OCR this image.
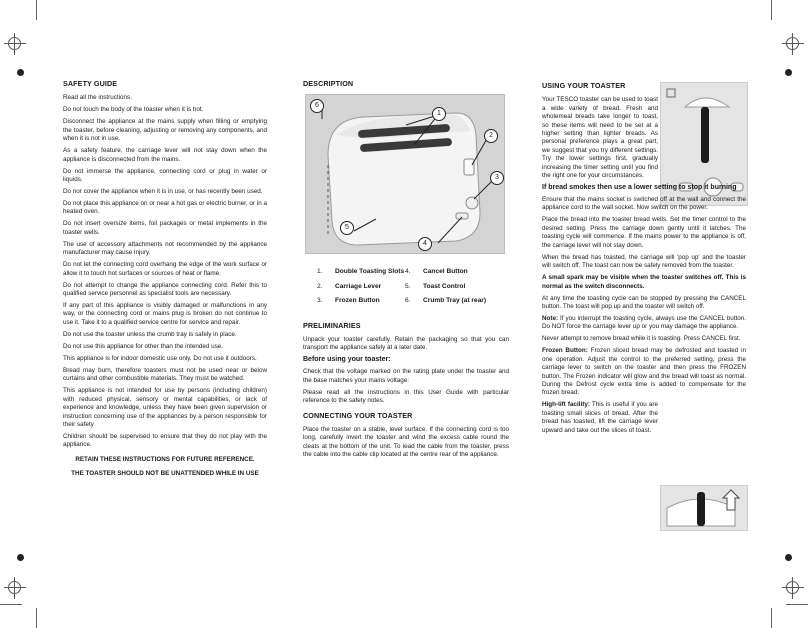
SAFETY GUIDE

Read all the instructions.

Do not touch the body of the toaster when it is hot.

Disconnect the appliance at the mains supply when filling or emptying the toaster, before cleaning, adjusting or removing any components, and when it is not in use.

As a safety feature, the carriage lever will not stay down when the appliance is disconnected from the mains.

Do not immerse the appliance, connecting cord or plug in water or liquids.

Do nor cover the appliance when it is in use, or has recently been used.

Do not place this appliance on or near a hot gas or electric burner, or in a heated oven.

Do not insert oversize items, foil packages or metal implements in the toaster wells.

The use of accessory attachments not recommended by the appliance manufacturer may cause injury.

Do not let the connecting cord overhang the edge of the work surface or allow it to touch hot surfaces or sources of heat or flame.

Do not attempt to change the appliance connecting cord. Refer this to qualified service personnel as specialist tools are necessary.

If any part of this appliance is visibly damaged or malfunctions in any way, or the connecting cord or mains plug is broken do not continue to use it. Take it to a qualified service centre for service and repair.

Do not use the toaster unless the crumb tray is safely in place.

Do not use this appliance for other than the intended use.

This appliance is for indoor domestic use only. Do not use it outdoors.

Bread may burn, therefore toasters must not be used near or below curtains and other combustible materials. They must be watched.

This appliance is not intended for use by persons (including children) with reduced physical, sensory or mental capabilities, or lack of experience and knowledge, unless they have been given supervision or instruction concerning use of the appliances by a person responsible for their safety

Children should be supervised to ensure that they do not play with the appliance.

RETAIN THESE INSTRUCTIONS FOR FUTURE REFERENCE.

THE TOASTER SHOULD NOT BE UNATTENDED WHILE IN USE

DESCRIPTION
1
2
3
4
5
6
1.	Double Toasting Slots 4.	Cancel Button
2.	Carriage Lever	5.	Toast Control
3.	Frozen Button	6.	Crumb Tray (at rear)
PRELIMINARIES

Unpack your toaster carefully. Retain the packaging so that you can transport the appliance safely at a later date.

Before using your toaster:

Check that the voltage marked on the rating plate under the toaster and the base matches your mains voltage:

Please read all the instructions in this User Guide with particular reference to the safety notes.

CONNECTING YOUR TOASTER

Place the toaster on a stable, level surface. If the connecting cord is too long, carefully invert the toaster and wind the excess cable round the cleats at the bottom of the unit. To lead the cable from the toaster, press the cable into the cable clip located at the centre rear of the appliance.

USING YOUR TOASTER

Your TESCO toaster can be used to toast a wide variety of bread. Fresh and wholemeal breads take longer to toast, so these items will need to be set at a higher setting than lighter breads. As personal preference plays a great part, we suggest that you try different settings. Try the lower settings first, gradually increasing the timer setting until you find the right one for your circumstances.

If bread smokes then use a lower setting to stop it burning

Ensure that the mains socket is switched off at the wall and connect the appliance cord to the wall socket. Now switch on the power.

Place the bread into the toaster bread wells. Set the timer control to the desired setting. Press the carriage down gently until it latches. The toasting cycle will commence. If the mains power to the appliance is off, the carriage lever will not stay down.

When the bread has toasted, the carriage will 'pop up' and the toaster will switch off. The toast can now be safely removed from the toaster.

A small spark may be visible when the toaster switches off. This is normal as the switch disconnects.

At any time the toasting cycle can be stopped by pressing the CANCEL button. The toast will pop up and the toaster will switch off.

Note: If you interrupt the toasting cycle, always use the CANCEL button. Do NOT force the carriage lever up or you may damage the appliance.

Never attempt to remove bread while it is toasting. Press CANCEL first.

Frozen Button: Frozen sliced bread may be defrosted and toasted in one operation. Adjust the control to the preferred setting, press the carriage lever to switch on the toaster and then press the FROZEN button. The Frozen indicator will glow and the bread will toast as normal. During the Defrost cycle extra time is added to compensate for the frozen bread.

High-lift facility: This is useful if you are toasting small slices of bread. After the bread has toasted, lift the carriage lever upward and take out the slices of toast.
